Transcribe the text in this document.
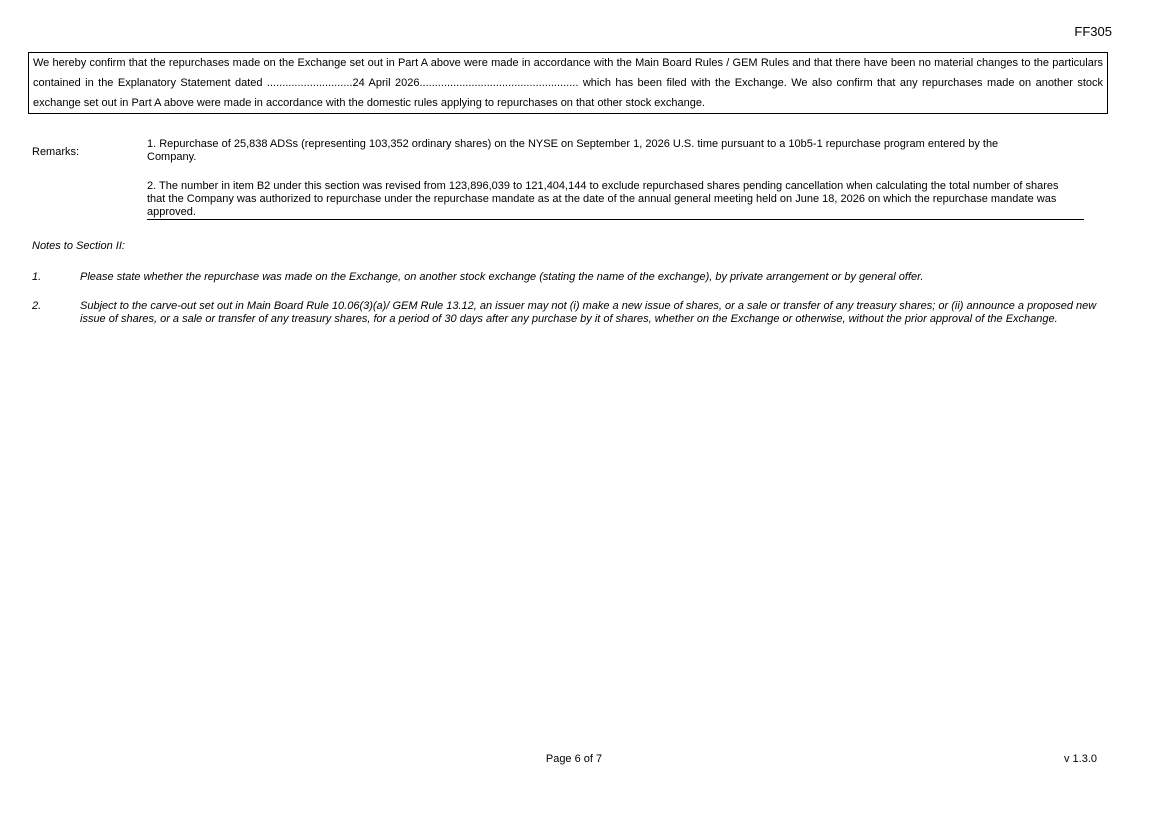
FF305
We hereby confirm that the repurchases made on the Exchange set out in Part A above were made in accordance with the Main Board Rules / GEM Rules and that there have been no material changes to the particulars contained in the Explanatory Statement dated ............................24 April 2026.................................................... which has been filed with the Exchange. We also confirm that any repurchases made on another stock exchange set out in Part A above were made in accordance with the domestic rules applying to repurchases on that other stock exchange.
Remarks:

1. Repurchase of 25,838 ADSs (representing 103,352 ordinary shares) on the NYSE on September 1, 2026 U.S. time pursuant to a 10b5-1 repurchase program entered by the Company.

2. The number in item B2 under this section was revised from 123,896,039 to 121,404,144 to exclude repurchased shares pending cancellation when calculating the total number of shares that the Company was authorized to repurchase under the repurchase mandate as at the date of the annual general meeting held on June 18, 2026 on which the repurchase mandate was approved.

Notes to Section II:
1.	Please state whether the repurchase was made on the Exchange, on another stock exchange (stating the name of the exchange), by private arrangement or by general offer.
2.	Subject to the carve-out set out in Main Board Rule 10.06(3)(a)/ GEM Rule 13.12, an issuer may not (i) make a new issue of shares, or a sale or transfer of any treasury shares; or (ii) announce a proposed new issue of shares, or a sale or transfer of any treasury shares, for a period of 30 days after any purchase by it of shares, whether on the Exchange or otherwise, without the prior approval of the Exchange.
Page 6 of 7	v 1.3.0
